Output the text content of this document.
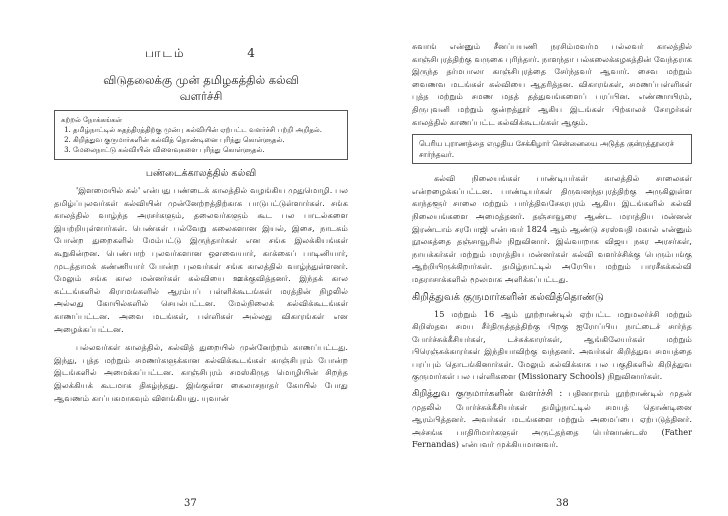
பாடம்	4
விடுதலைக்கு முன் தமிழகத்தில் கல்வி
வளர்ச்சி
கற்றல் நோக்கங்கள்
1. தமிழ்நாட்டில் சுதந்திரத்திற்கு முன்பு கல்வியின் ஏற்பட்ட வளர்ச்சி பற்றி அறிதல்.
2. கிறித்துவ குருமார்களின் கல்வித் தொண்டினை புரிந்து கொள்ளுதல்.
3. மேலைநாட்டு கல்வியின் விளைவுகளை புரிந்து கொள்ளுதல்.
பண்டைக்காலத்தில் கல்வி

'இளமையில் கல்' என்பது பண்டைக் காலத்தில் வழங்கிய முதுமொழி. பல தமிழ்ப்புலவர்கள் கல்வியின் முன்னேற்றத்திற்காக பாடுபட்டுள்ளார்கள். சங்க காலத்தில் வாழ்ந்த அரசர்களும், தலைவர்களும் கூட பல பாடல்களை இயற்றியுள்ளார்கள். பெண்கள் பல்வேறு கலைகளான இயல், இசை, நாடகம் போன்ற துறைகளில் மேம்பட்டு இருந்தார்கள் என சங்க இலக்கியங்கள் கூறுகின்றன. பெண்பாற் புலவர்களான ஔவையார், காக்கைப் பாடினியார், முடத்தாமக் கண்ணியார் போன்ற புலவர்கள் சங்க காலத்தில் வாழ்ந்துள்ளனர். மேலும் சங்க கால மன்னர்கள் கல்வியை ஊக்குவித்தனர். இந்தக் கால கட்டங்களில் கிராமங்களில் ஆரம்பப் பள்ளிக்கூடங்கள் மரத்தின் நிழலில் அல்லது கோயில்களில் செயல்பட்டன. மேல்நிலைக் கல்விக்கூடங்கள் காணப்பட்டன. அவை மடங்கள், பள்ளிகள் அல்லது விகாரங்கள் என அழைக்கப்பட்டன.

பல்லவர்கள் காலத்தில், கல்வித் துறையில் முன்னேற்றம் காணப்பட்டது. இந்து, புத்த மற்றும் சமணர்களுக்கான கல்விக்கூடங்கள் காஞ்சிபுரம் போன்ற இடங்களில் அமைக்கப்பட்டன. காஞ்சிபுரம் சமஸ்கிருத மொழியின் சிறந்த இலக்கியக் கூடமாக திகழ்ந்தது. இங்குள்ள கைலாசநாதர் கோயில் போது ஆவணம் காப்பகமாகவும் விளங்கியது. யுவான்

37

சுவாங் என்னும் சீனப்பயணி நரசிம்மவர்ம பல்லவர் காலத்தில் காஞ்சிபுரத்திற்கு வருகை புரிந்தார். நாளந்தா பல்கலைக்கழகத்தின் வேந்தராக இருந்த தர்மபாலா காஞ்சிபுரத்தை சேர்ந்தவர் ஆவார். சைவ மற்றும் வைணவ மடங்கள் கல்வியை ஆதரித்தன. விகாரங்கள், சமணப்பள்ளிகள் புத்த மற்றும் சமண மதத் தத்துவங்களைப் பரப்பின. எண்ணாயிரம், திருபுவனி மற்றும் குன்றத்தூர் ஆகிய இடங்கள் பிற்காலச் சோழர்கள் காலத்தில் காணப்பட்ட கல்விக்கூடங்கள் ஆகும்.

பெரிய புராணத்தை எழுதிய சேக்கிழார் சென்னையை அடுத்த குன்றத்தூரைச் சார்ந்தவர்.

கல்வி நிலையங்கள் பாண்டியர்கள் காலத்தில் சாலைகள் என்றழைக்கப்பட்டன. பாண்டியர்கள் திருவனந்தபுரத்திற்கு அருகிலுள்ள காந்தளூர் சாலை மற்றும் பார்த்திவசேகரபுரம் ஆகிய இடங்களில் கல்வி நிலையங்களை அமைத்தனர். தஞ்சாவூரை ஆண்ட மராத்திய மன்னன் இரண்டாம் சரபோஜி என்பவர் 1824 ஆம் ஆண்டு சரஸ்வதி மகால் என்னும் நூலகத்தை தஞ்சாவூரில் நிறுவினார். இவ்வாறாக விஜய நகர அரசர்கள், நாயக்கர்கள் மற்றும் மராத்திய மன்னர்கள் கல்வி வளர்ச்சிக்கு பெரும்பங்கு ஆற்றியிருக்கிறார்கள். தமிழ்நாட்டில் அரேபிய மற்றும் பாரசீகக்கல்வி மதராசாக்களில் மூலமாக அளிக்கப்பட்டது.

கிறித்துவக் குருமார்களின் கல்வித்தொண்டு

15 மற்றும் 16 ஆம் நூற்றாண்டில் ஏற்பட்ட மறுமலர்ச்சி மற்றும் கிறிஸ்தவ சமய சீர்திருத்தத்திற்கு பிறகு ஐரோப்பிய நாட்டைச் சார்ந்த போர்ச்சுக்கீசியர்கள், டச்சுக்காரர்கள், ஆங்கிலேயர்கள் மற்றும் பிரெஞ்சுக்காரர்கள் இந்தியாவிற்கு வந்தனர். அவர்கள் கிறித்துவ சமயத்தை பரப்பும் தொடங்கினார்கள். மேலும் கல்விக்காக பல பகுதிகளில் கிறித்துவ குருமார்கள் பல பள்ளிகளை (Missionary Schools) நிறுவினார்கள்.

கிறித்துவ குருமார்களின் வளர்ச்சி : பதினாறாம் நூற்றாண்டில் முதன் முதலில் போர்ச்சுக்கீசியர்கள் தமிழ்நாட்டில் சமயத் தொண்டினை ஆரம்பித்தனர். அவர்கள் மடங்களை மற்றும் அமைப்பை ஏற்படுத்தினர். அச்சங்க பாதிரிமார்களுள் அருட்தந்தை பெர்னாண்டஸ் (Father Fernandas) என்பவர் முக்கியமானவர்.

38
